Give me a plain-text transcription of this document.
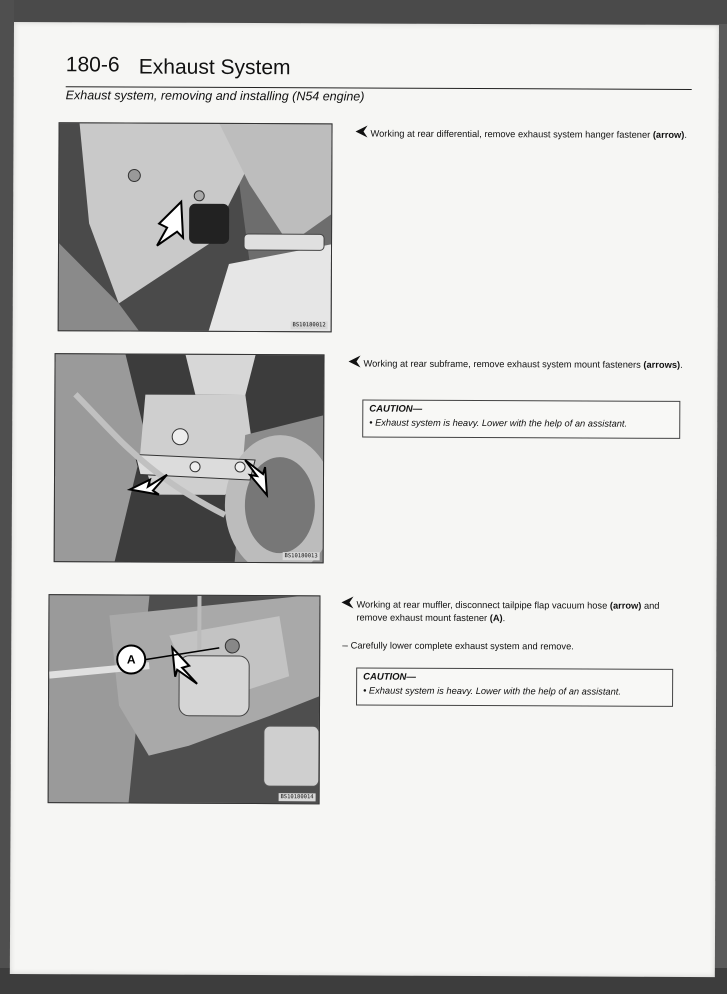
180-6 Exhaust System
Exhaust system, removing and installing (N54 engine)
BS10180012
Working at rear differential, remove exhaust system hanger fastener (arrow).
BS10180013
Working at rear subframe, remove exhaust system mount fasteners (arrows).
CAUTION—
• Exhaust system is heavy. Lower with the help of an assistant.
A
BS10180014
Working at rear muffler, disconnect tailpipe flap vacuum hose (arrow) and remove exhaust mount fastener (A).
– Carefully lower complete exhaust system and remove.
CAUTION—
• Exhaust system is heavy. Lower with the help of an assistant.
